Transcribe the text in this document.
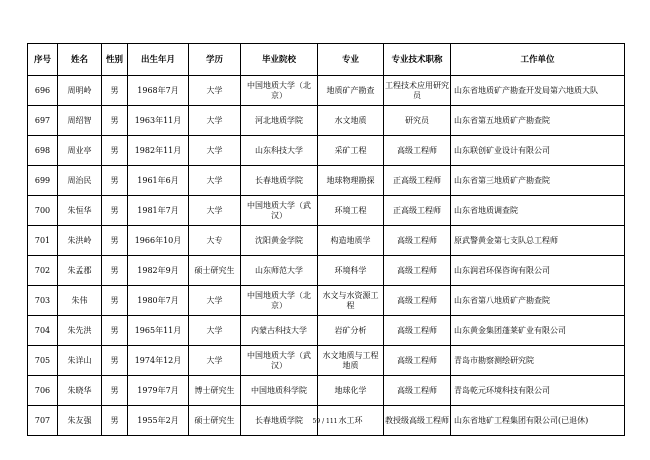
序号	姓名	性别	出生年月	学历	毕业院校	专业	专业技术职称	工作单位
696	周明岭	男	1968年7月	大学	中国地质大学（北京）	地质矿产勘查	工程技术应用研究员	山东省地质矿产勘查开发局第六地质大队
697	周绍智	男	1963年11月	大学	河北地质学院	水文地质	研究员	山东省第五地质矿产勘查院
698	周业亭	男	1982年11月	大学	山东科技大学	采矿工程	高级工程师	山东联创矿业设计有限公司
699	周治民	男	1961年6月	大学	长春地质学院	地球物理勘探	正高级工程师	山东省第三地质矿产勘查院
700	朱恒华	男	1981年7月	大学	中国地质大学（武汉）	环境工程	正高级工程师	山东省地质调查院
701	朱洪岭	男	1966年10月	大专	沈阳黄金学院	构造地质学	高级工程师	原武警黄金第七支队总工程师
702	朱孟郡	男	1982年9月	硕士研究生	山东师范大学	环境科学	高级工程师	山东润君环保咨询有限公司
703	朱伟	男	1980年7月	大学	中国地质大学（北京）	水文与水资源工程	高级工程师	山东省第八地质矿产勘查院
704	朱先洪	男	1965年11月	大学	内蒙古科技大学	岩矿分析	高级工程师	山东黄金集团蓬莱矿业有限公司
705	朱详山	男	1974年12月	大学	中国地质大学（武汉）	水文地质与工程地质	高级工程师	青岛市勘察测绘研究院
706	朱晓华	男	1979年7月	博士研究生	中国地质科学院	地球化学	高级工程师	青岛乾元环境科技有限公司
707	朱友强	男	1955年2月	硕士研究生	长春地质学院	水工环	教授级高级工程师	山东省地矿工程集团有限公司(已退休)
59 / 111
